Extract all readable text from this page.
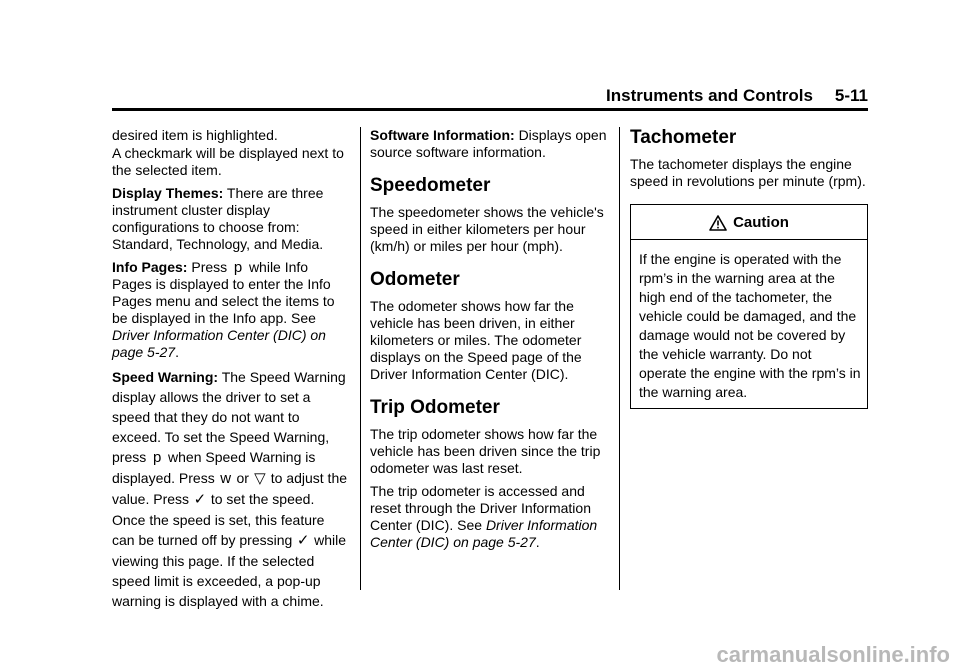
Instruments and Controls 5-11

desired item is highlighted.

A checkmark will be displayed next to the selected item.

Display Themes: There are three instrument cluster display configurations to choose from: Standard, Technology, and Media.

Info Pages: Press p while Info Pages is displayed to enter the Info Pages menu and select the items to be displayed in the Info app. See Driver Information Center (DIC) on page 5-27.

Speed Warning: The Speed Warning display allows the driver to set a speed that they do not want to exceed. To set the Speed Warning, press p when Speed Warning is displayed. Press w or ▽ to adjust the value. Press ✓ to set the speed. Once the speed is set, this feature can be turned off by pressing ✓ while viewing this page. If the selected speed limit is exceeded, a pop-up warning is displayed with a chime.

Software Information: Displays open source software information.

Speedometer

The speedometer shows the vehicle's speed in either kilometers per hour (km/h) or miles per hour (mph).

Odometer

The odometer shows how far the vehicle has been driven, in either kilometers or miles. The odometer displays on the Speed page of the Driver Information Center (DIC).

Trip Odometer

The trip odometer shows how far the vehicle has been driven since the trip odometer was last reset.

The trip odometer is accessed and reset through the Driver Information Center (DIC). See Driver Information Center (DIC) on page 5-27.

Tachometer

The tachometer displays the engine speed in revolutions per minute (rpm).

Caution
If the engine is operated with the rpm’s in the warning area at the high end of the tachometer, the vehicle could be damaged, and the damage would not be covered by the vehicle warranty. Do not operate the engine with the rpm’s in the warning area.
carmanualsonline.info
